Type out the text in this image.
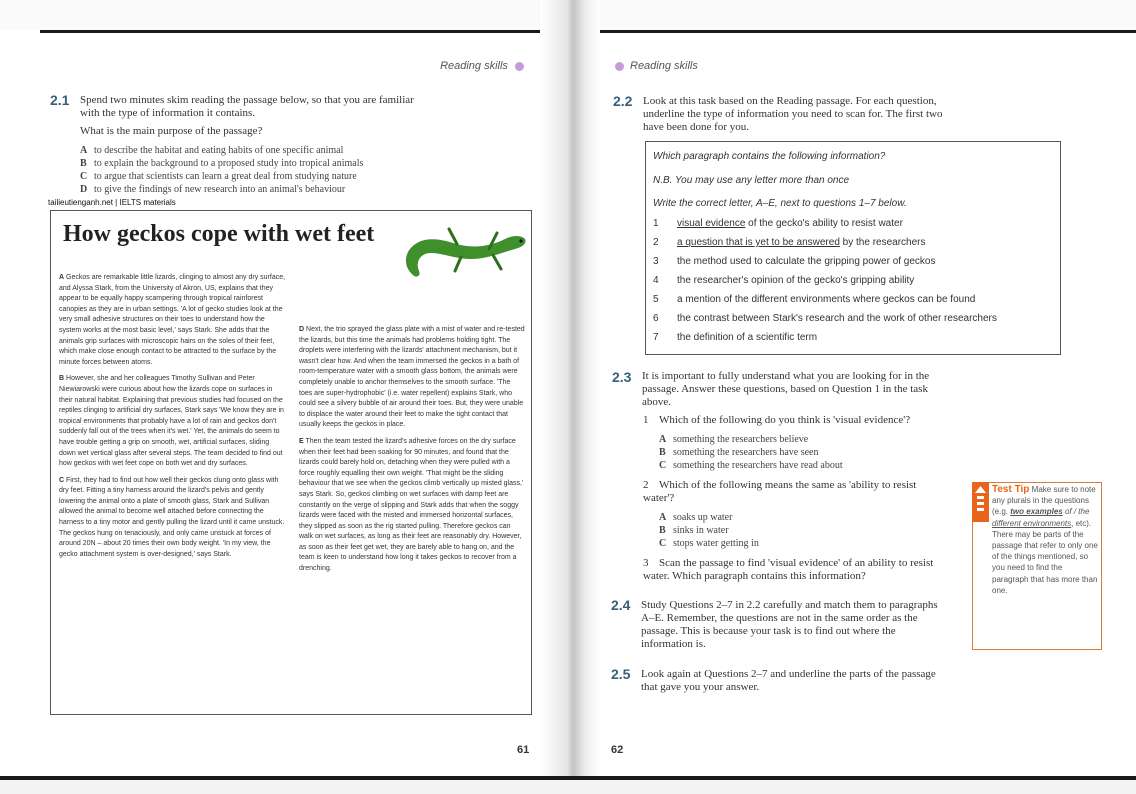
Reading skills
2.1 Spend two minutes skim reading the passage below, so that you are familiar with the type of information it contains.
What is the main purpose of the passage?
A to describe the habitat and eating habits of one specific animal
B to explain the background to a proposed study into tropical animals
C to argue that scientists can learn a great deal from studying nature
D to give the findings of new research into an animal's behaviour
tailieutienganh.net | IELTS materials
How geckos cope with wet feet

A Geckos are remarkable little lizards, clinging to almost any dry surface, and Alyssa Stark, from the University of Akron, US, explains that they appear to be equally happy scampering through tropical rainforest canopies as they are in urban settings. 'A lot of gecko studies look at the very small adhesive structures on their toes to understand how the system works at the most basic level,' says Stark. She adds that the animals grip surfaces with microscopic hairs on the soles of their feet, which make close enough contact to be attracted to the surface by the minute forces between atoms.

B However, she and her colleagues Timothy Sullivan and Peter Niewiarowski were curious about how the lizards cope on surfaces in their natural habitat. Explaining that previous studies had focused on the reptiles clinging to artificial dry surfaces, Stark says 'We know they are in tropical environments that probably have a lot of rain and geckos don't suddenly fall out of the trees when it's wet.' Yet, the animals do seem to have trouble getting a grip on smooth, wet, artificial surfaces, sliding down wet vertical glass after several steps. The team decided to find out how geckos with wet feet cope on both wet and dry surfaces.

C First, they had to find out how well their geckos clung onto glass with dry feet. Fitting a tiny harness around the lizard's pelvis and gently lowering the animal onto a plate of smooth glass, Stark and Sullivan allowed the animal to become well attached before connecting the harness to a tiny motor and gently pulling the lizard until it came unstuck. The geckos hung on tenaciously, and only came unstuck at forces of around 20N – about 20 times their own body weight. 'In my view, the gecko attachment system is over-designed,' says Stark.

D Next, the trio sprayed the glass plate with a mist of water and re-tested the lizards, but this time the animals had problems holding tight. The droplets were interfering with the lizards' attachment mechanism, but it wasn't clear how. And when the team immersed the geckos in a bath of room-temperature water with a smooth glass bottom, the animals were completely unable to anchor themselves to the smooth surface. 'The toes are super-hydrophobic' (i.e. water repellent) explains Stark, who could see a silvery bubble of air around their toes. But, they were unable to displace the water around their feet to make the tight contact that usually keeps the geckos in place.

E Then the team tested the lizard's adhesive forces on the dry surface when their feet had been soaking for 90 minutes, and found that the lizards could barely hold on, detaching when they were pulled with a force roughly equalling their own weight. 'That might be the sliding behaviour that we see when the geckos climb vertically up misted glass,' says Stark. So, geckos climbing on wet surfaces with damp feet are constantly on the verge of slipping and Stark adds that when the soggy lizards were faced with the misted and immersed horizontal surfaces, they slipped as soon as the rig started pulling. Therefore geckos can walk on wet surfaces, as long as their feet are reasonably dry. However, as soon as their feet get wet, they are barely able to hang on, and the team is keen to understand how long it takes geckos to recover from a drenching.

61
Reading skills
2.2 Look at this task based on the Reading passage. For each question, underline the type of information you need to scan for. The first two have been done for you.
Which paragraph contains the following information?
N.B. You may use any letter more than once
Write the correct letter, A–E, next to questions 1–7 below.
1 visual evidence of the gecko's ability to resist water
2 a question that is yet to be answered by the researchers
3 the method used to calculate the gripping power of geckos
4 the researcher's opinion of the gecko's gripping ability
5 a mention of the different environments where geckos can be found
6 the contrast between Stark's research and the work of other researchers
7 the definition of a scientific term
2.3 It is important to fully understand what you are looking for in the passage. Answer these questions, based on Question 1 in the task above.
1 Which of the following do you think is 'visual evidence'?
A something the researchers believe
B something the researchers have seen
C something the researchers have read about
2 Which of the following means the same as 'ability to resist water'?
A soaks up water
B sinks in water
C stops water getting in
3 Scan the passage to find 'visual evidence' of an ability to resist water. Which paragraph contains this information?
2.4 Study Questions 2–7 in 2.2 carefully and match them to paragraphs A–E. Remember, the questions are not in the same order as the passage. This is because your task is to find out where the information is.
2.5 Look again at Questions 2–7 and underline the parts of the passage that gave you your answer.
Test Tip Make sure to note any plurals in the questions (e.g. two examples of / the different environments, etc). There may be parts of the passage that refer to only one of the things mentioned, so you need to find the paragraph that has more than one.
62
